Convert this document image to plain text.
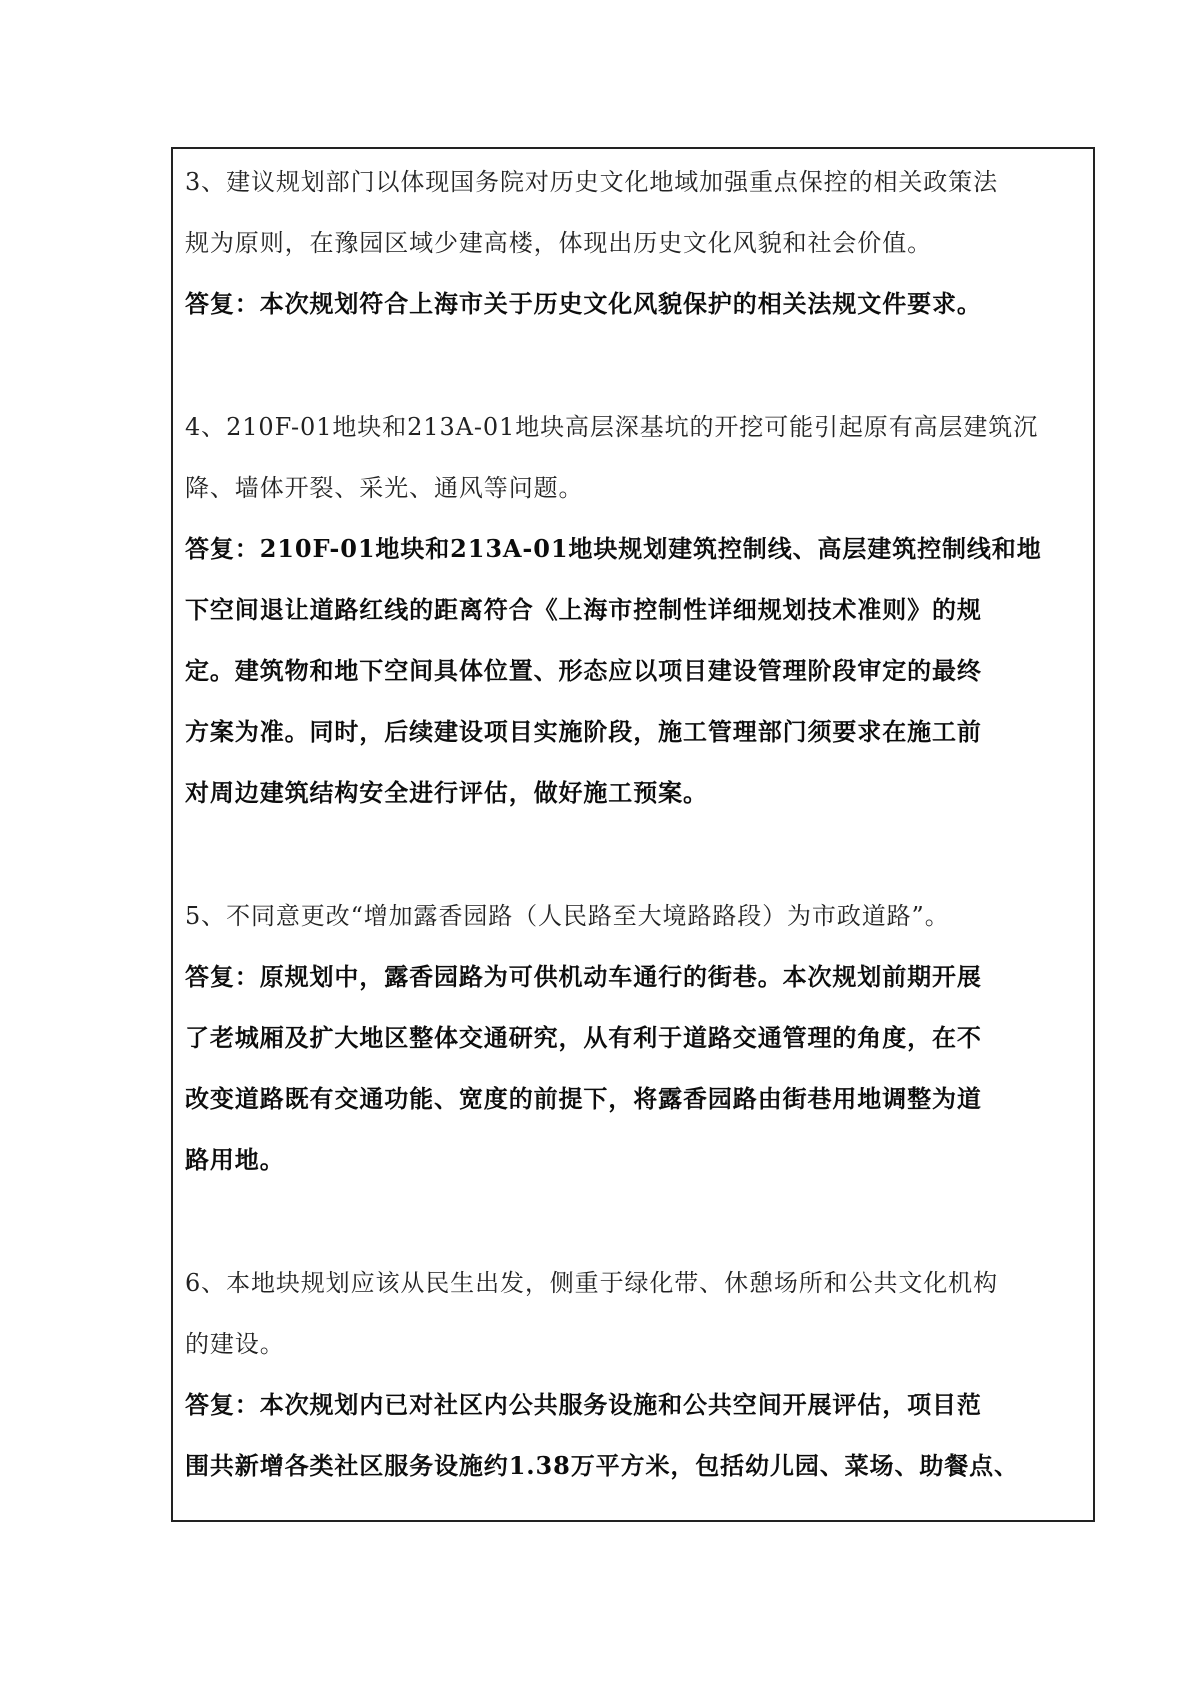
3、建议规划部门以体现国务院对历史文化地域加强重点保控的相关政策法
规为原则，在豫园区域少建高楼，体现出历史文化风貌和社会价值。
答复：本次规划符合上海市关于历史文化风貌保护的相关法规文件要求。
4、210F-01地块和213A-01地块高层深基坑的开挖可能引起原有高层建筑沉
降、墙体开裂、采光、通风等问题。
答复：210F-01地块和213A-01地块规划建筑控制线、高层建筑控制线和地
下空间退让道路红线的距离符合《上海市控制性详细规划技术准则》的规
定。建筑物和地下空间具体位置、形态应以项目建设管理阶段审定的最终
方案为准。同时，后续建设项目实施阶段，施工管理部门须要求在施工前
对周边建筑结构安全进行评估，做好施工预案。
5、不同意更改“增加露香园路（人民路至大境路路段）为市政道路”。
答复：原规划中，露香园路为可供机动车通行的街巷。本次规划前期开展
了老城厢及扩大地区整体交通研究，从有利于道路交通管理的角度，在不
改变道路既有交通功能、宽度的前提下，将露香园路由街巷用地调整为道
路用地。
6、本地块规划应该从民生出发，侧重于绿化带、休憩场所和公共文化机构
的建设。
答复：本次规划内已对社区内公共服务设施和公共空间开展评估，项目范
围共新增各类社区服务设施约1.38万平方米，包括幼儿园、菜场、助餐点、
